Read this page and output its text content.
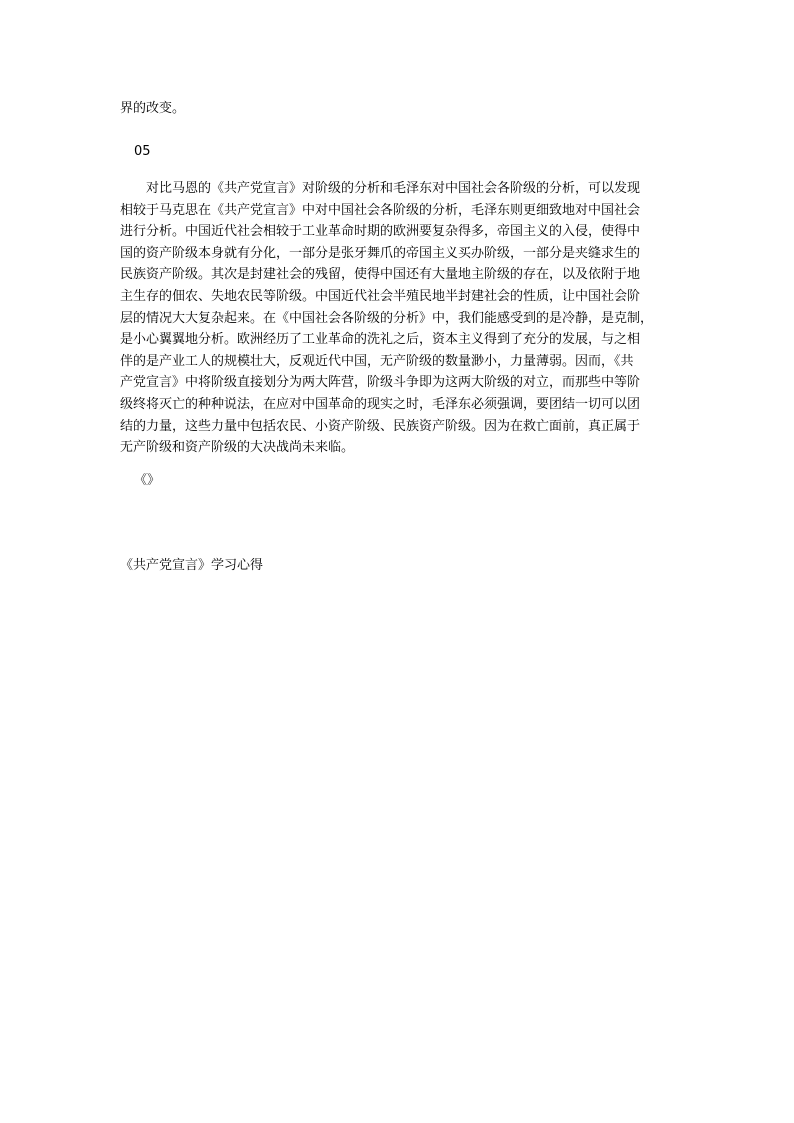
界的改变。
05
　　对比马恩的《共产党宣言》对阶级的分析和毛泽东对中国社会各阶级的分析，可以发现
相较于马克思在《共产党宣言》中对中国社会各阶级的分析，毛泽东则更细致地对中国社会
进行分析。中国近代社会相较于工业革命时期的欧洲要复杂得多，帝国主义的入侵，使得中
国的资产阶级本身就有分化，一部分是张牙舞爪的帝国主义买办阶级，一部分是夹缝求生的
民族资产阶级。其次是封建社会的残留，使得中国还有大量地主阶级的存在，以及依附于地
主生存的佃农、失地农民等阶级。中国近代社会半殖民地半封建社会的性质，让中国社会阶
层的情况大大复杂起来。在《中国社会各阶级的分析》中，我们能感受到的是冷静，是克制，
是小心翼翼地分析。欧洲经历了工业革命的洗礼之后，资本主义得到了充分的发展，与之相
伴的是产业工人的规模壮大，反观近代中国，无产阶级的数量渺小，力量薄弱。因而，《共
产党宣言》中将阶级直接划分为两大阵营，阶级斗争即为这两大阶级的对立，而那些中等阶
级终将灭亡的种种说法，在应对中国革命的现实之时，毛泽东必须强调，要团结一切可以团
结的力量，这些力量中包括农民、小资产阶级、民族资产阶级。因为在救亡面前，真正属于
无产阶级和资产阶级的大决战尚未来临。
《》
《共产党宣言》学习心得
